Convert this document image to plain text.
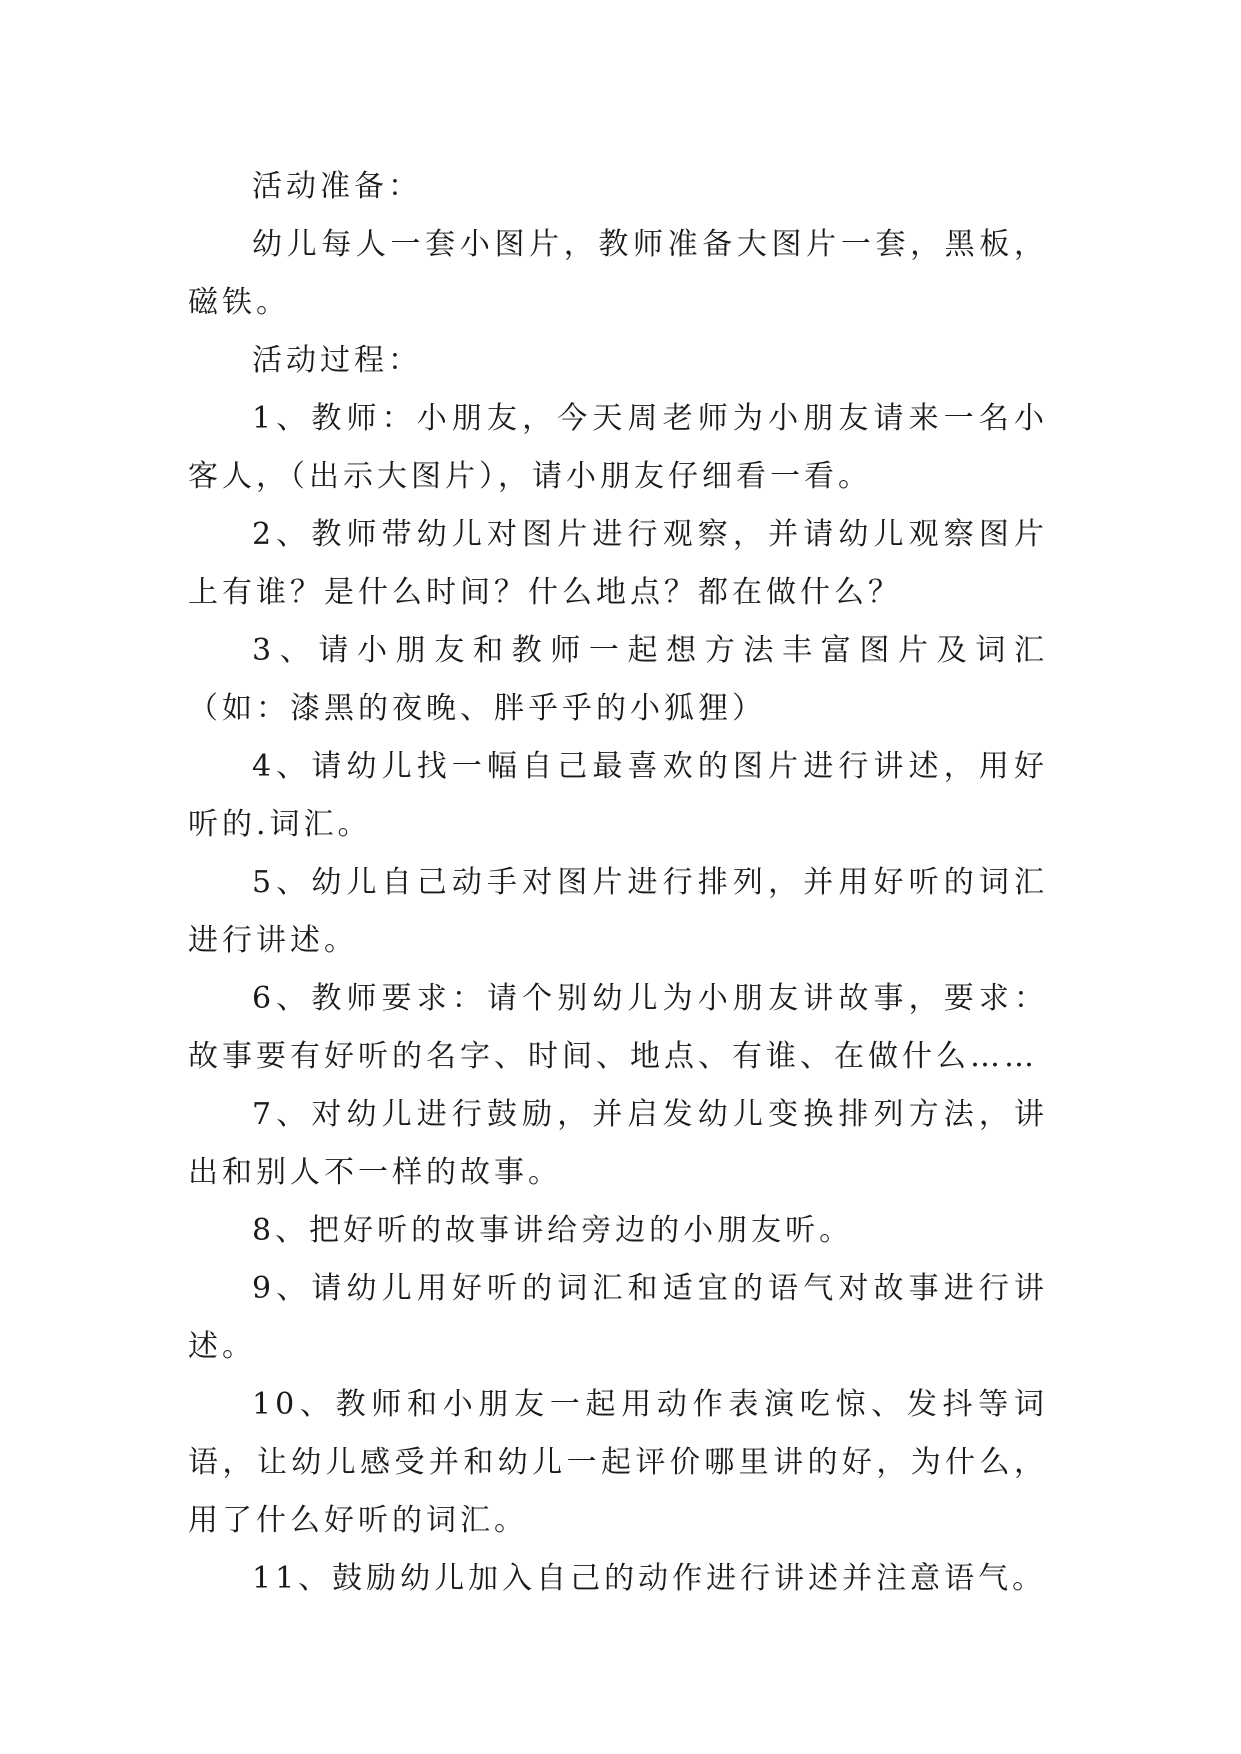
活动准备：

幼儿每人一套小图片，教师准备大图片一套，黑板，磁铁。

活动过程：

1、教师：小朋友，今天周老师为小朋友请来一名小客人，（出示大图片），请小朋友仔细看一看。

2、教师带幼儿对图片进行观察，并请幼儿观察图片上有谁？是什么时间？什么地点？都在做什么？

3、请小朋友和教师一起想方法丰富图片及词汇（如：漆黑的夜晚、胖乎乎的小狐狸）

4、请幼儿找一幅自己最喜欢的图片进行讲述，用好听的.词汇。

5、幼儿自己动手对图片进行排列，并用好听的词汇进行讲述。

6、教师要求：请个别幼儿为小朋友讲故事，要求：故事要有好听的名字、时间、地点、有谁、在做什么……

7、对幼儿进行鼓励，并启发幼儿变换排列方法，讲出和别人不一样的故事。

8、把好听的故事讲给旁边的小朋友听。

9、请幼儿用好听的词汇和适宜的语气对故事进行讲述。

10、教师和小朋友一起用动作表演吃惊、发抖等词语，让幼儿感受并和幼儿一起评价哪里讲的好，为什么，用了什么好听的词汇。

11、鼓励幼儿加入自己的动作进行讲述并注意语气。
